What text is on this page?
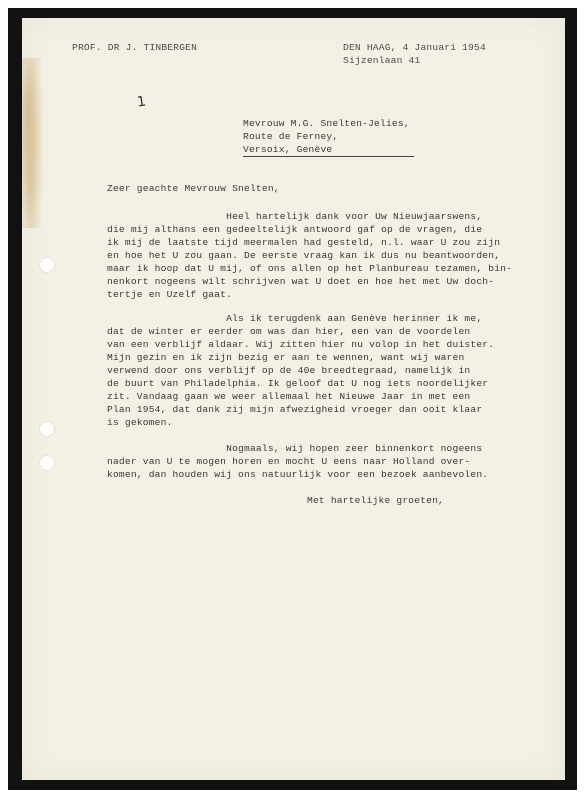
PROF. DR J. TINBERGEN	DEN HAAG, 4 Januari 1954
Sijzenlaan 41
1
Mevrouw M.G. Snelten-Jelies,
Route de Ferney,
Versoix, Genève
Zeer geachte Mevrouw Snelten,
Heel hartelijk dank voor Uw Nieuwjaarswens,
die mij althans een gedeeltelijk antwoord gaf op de vragen, die
ik mij de laatste tijd meermalen had gesteld, n.l. waar U zou zijn
en hoe het U zou gaan. De eerste vraag kan ik dus nu beantwoorden,
maar ik hoop dat U mij, of ons allen op het Planbureau tezamen, bin-
nenkort nogeens wilt schrijven wat U doet en hoe het met Uw doch-
tertje en Uzelf gaat.
Als ik terugdenk aan Genève herinner ik me,
dat de winter er eerder om was dan hier, een van de voordelen
van een verblijf aldaar. Wij zitten hier nu volop in het duister.
Mijn gezin en ik zijn bezig er aan te wennen, want wij waren
verwend door ons verblijf op de 40e breedtegraad, namelijk in
de buurt van Philadelphia. Ik geloof dat U nog iets noordelijker
zit. Vandaag gaan we weer allemaal het Nieuwe Jaar in met een
Plan 1954, dat dank zij mijn afwezigheid vroeger dan ooit klaar
is gekomen.
Nogmaals, wij hopen zeer binnenkort nogeens
nader van U te mogen horen en mocht U eens naar Holland over-
komen, dan houden wij ons natuurlijk voor een bezoek aanbevolen.
Met hartelijke groeten,
